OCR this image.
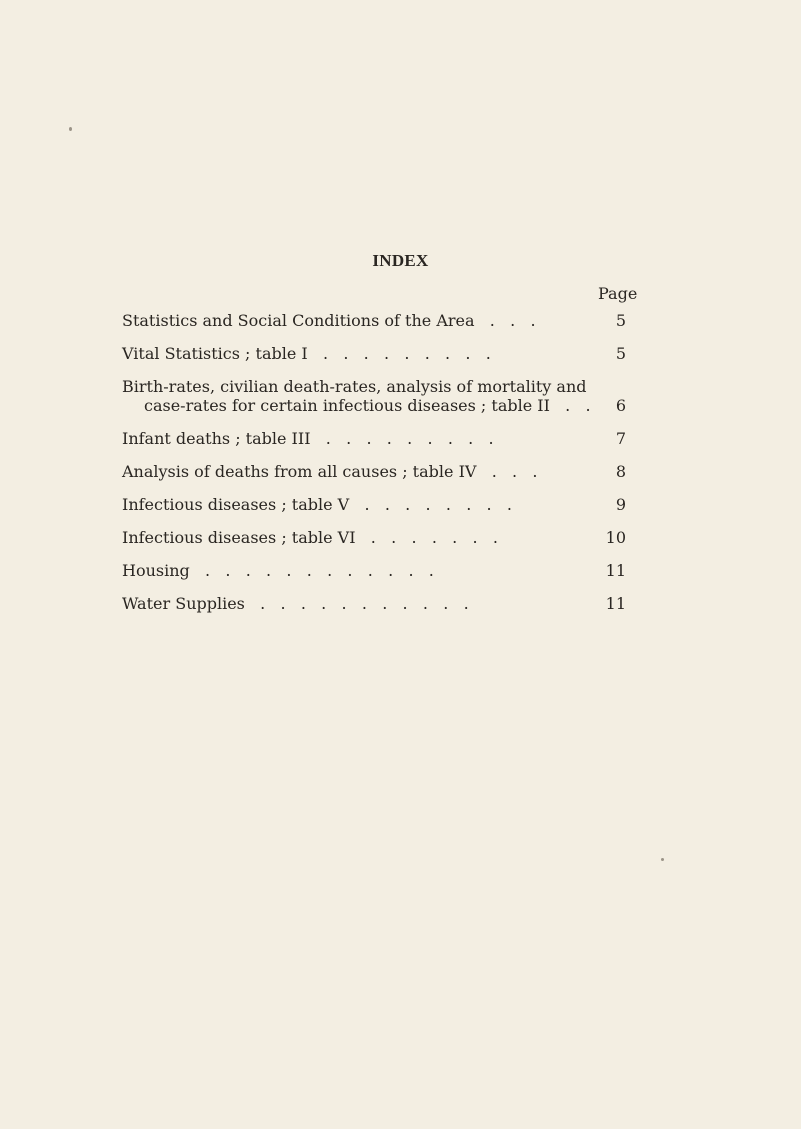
INDEX
Page
Statistics and Social Conditions of the Area   .   .   .	5
Vital Statistics ; table I   .   .   .   .   .   .   .   .   .	5
Birth-rates, civilian death-rates, analysis of mortality and
case-rates for certain infectious diseases ; table II   .   . 6
Infant deaths ; table III   .   .   .   .   .   .   .   .   .	7
Analysis of deaths from all causes ; table IV   .   .   .	8
Infectious diseases ; table V   .   .   .   .   .   .   .   .	9
Infectious diseases ; table VI   .   .   .   .   .   .   .	10
Housing   .   .   .   .   .   .   .   .   .   .   .   .	11
Water Supplies   .   .   .   .   .   .   .   .   .   .   .	11
